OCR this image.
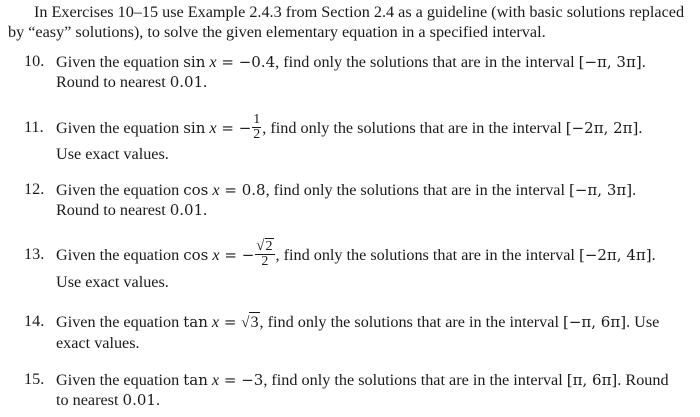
In Exercises 10–15 use Example 2.4.3 from Section 2.4 as a guideline (with basic solutions replaced by “easy” solutions), to solve the given elementary equation in a specified interval.

10. Given the equation sin x = −0.4, find only the solutions that are in the interval [−π, 3π].
Round to nearest 0.01.
11. Given the equation sin x = − $\frac{1}{2}$ , find only the solutions that are in the interval [−2π, 2π].
Use exact values.
12. Given the equation cos x = 0.8, find only the solutions that are in the interval [−π, 3π].
Round to nearest 0.01.
13. Given the equation cos x = − $\frac{√2}{2}$ , find only the solutions that are in the interval [−2π, 4π].
Use exact values.
14. Given the equation tan x = √3, find only the solutions that are in the interval [−π, 6π]. Use
exact values.
15. Given the equation tan x = −3, find only the solutions that are in the interval [π, 6π]. Round
to nearest 0.01.
